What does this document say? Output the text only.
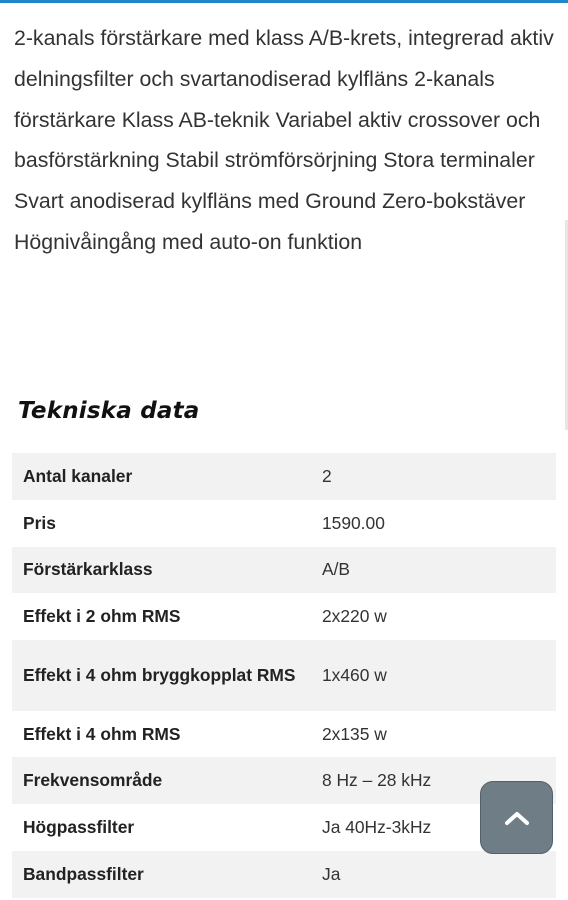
2-kanals förstärkare med klass A/B-krets, integrerad aktiv delningsfilter och svartanodiserad kylfläns 2-kanals förstärkare Klass AB-teknik Variabel aktiv crossover och basförstärkning Stabil strömförsörjning Stora terminaler Svart anodiserad kylfläns med Ground Zero-bokstäver Högnivåingång med auto-on funktion

Tekniska data
Antal kanaler	2
Pris	1590.00
Förstärkarklass	A/B
Effekt i 2 ohm RMS	2x220 w
Effekt i 4 ohm bryggkopplat RMS	1x460 w
Effekt i 4 ohm RMS	2x135 w
Frekvensområde	8 Hz – 28 kHz
Högpassfilter	Ja 40Hz-3kHz
Bandpassfilter	Ja
